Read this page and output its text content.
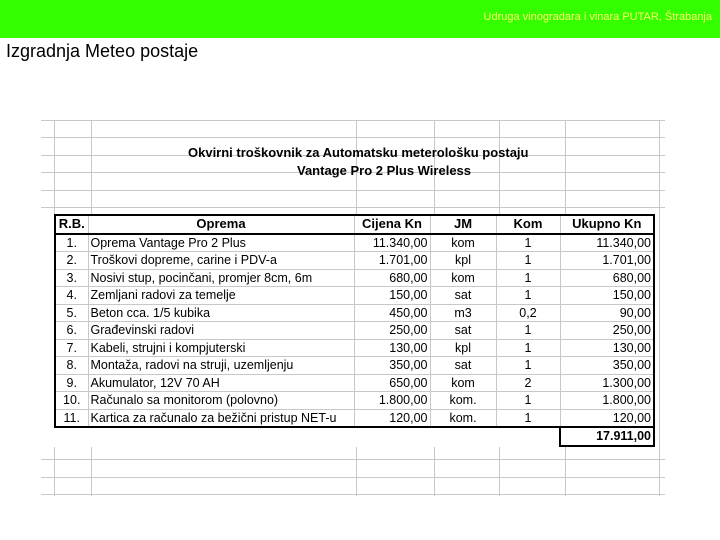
Udruga vinogradara i vinara PUTAR, Štrabanja
Izgradnja Meteo postaje
Okvirni troškovnik za Automatsku meterološku postaju
Vantage Pro 2 Plus Wireless
R.B.	Oprema	Cijena Kn	JM	Kom	Ukupno Kn
1.	Oprema Vantage Pro 2 Plus	11.340,00	kom	1	11.340,00
2.	Troškovi dopreme, carine i PDV-a	1.701,00	kpl	1	1.701,00
3.	Nosivi stup, pocinčani, promjer 8cm, 6m	680,00	kom	1	680,00
4.	Zemljani radovi za temelje	150,00	sat	1	150,00
5.	Beton cca. 1/5 kubika	450,00	m3	0,2	90,00
6.	Građevinski radovi	250,00	sat	1	250,00
7.	Kabeli, strujni i kompjuterski	130,00	kpl	1	130,00
8.	Montaža, radovi na struji, uzemljenju	350,00	sat	1	350,00
9.	Akumulator, 12V 70 AH	650,00	kom	2	1.300,00
10.	Računalo sa monitorom (polovno)	1.800,00	kom.	1	1.800,00
11.	Kartica za računalo za bežični pristup NET-u	120,00	kom.	1	120,00
					17.911,00
